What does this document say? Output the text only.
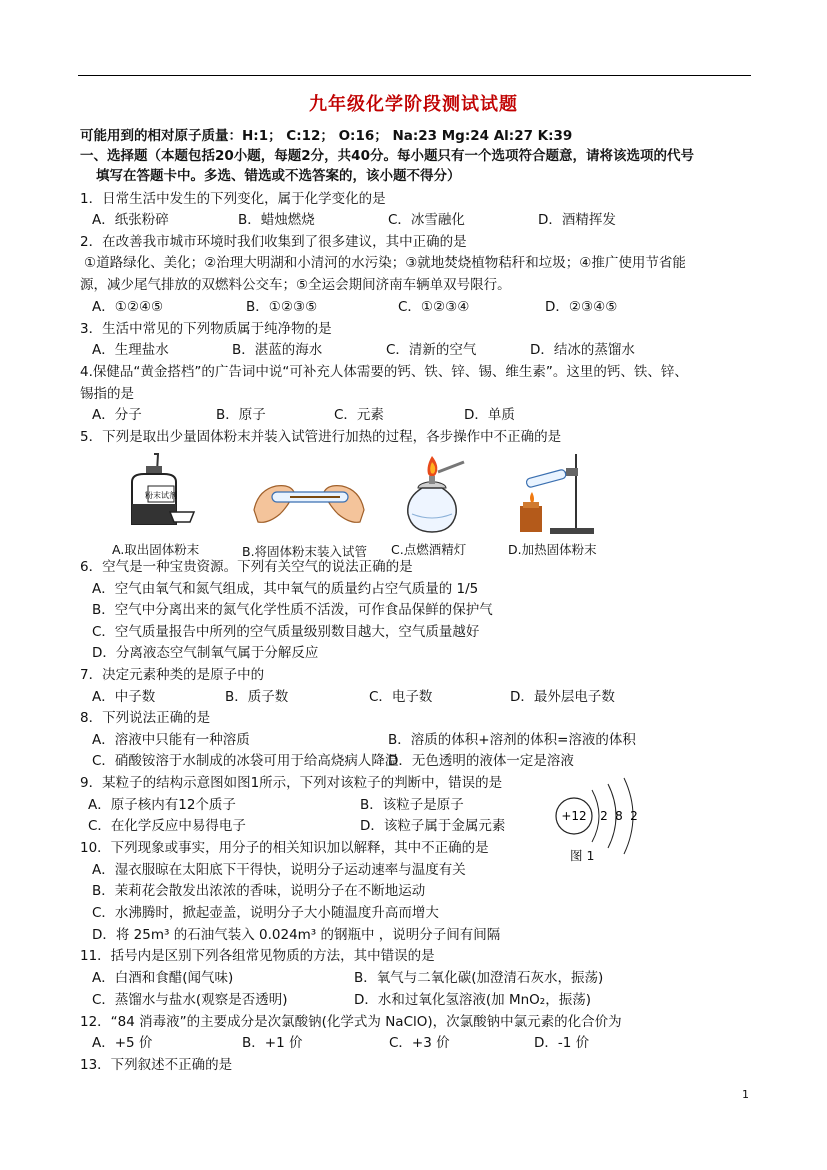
九年级化学阶段测试试题
可能用到的相对原子质量：H:1； C:12； O:16； Na:23 Mg:24 Al:27 K:39
一、选择题（本题包括20小题，每题2分，共40分。每小题只有一个选项符合题意，请将该选项的代号
填写在答题卡中。多选、错选或不选答案的，该小题不得分）
1．日常生活中发生的下列变化，属于化学变化的是
A．纸张粉碎	B．蜡烛燃烧	C．冰雪融化	D．酒精挥发
2．在改善我市城市环境时我们收集到了很多建议，其中正确的是
①道路绿化、美化；②治理大明湖和小清河的水污染；③就地焚烧植物秸秆和垃圾；④推广使用节省能
源，减少尾气排放的双燃料公交车；⑤全运会期间济南车辆单双号限行。
A．①②④⑤	B．①②③⑤	C．①②③④	D．②③④⑤
3．生活中常见的下列物质属于纯净物的是
A．生理盐水	B．湛蓝的海水	C．清新的空气	D．结冰的蒸馏水
4.保健品“黄金搭档”的广告词中说“可补充人体需要的钙、铁、锌、锡、维生素”。这里的钙、铁、锌、
锡指的是
A．分子	B．原子	C．元素	D．单质
5．下列是取出少量固体粉末并装入试管进行加热的过程，各步操作中不正确的是
粉末试剂
A.取出固体粉末	B.将固体粉末装入试管 C.点燃酒精灯	D.加热固体粉末
6．空气是一种宝贵资源。下列有关空气的说法正确的是
A．空气由氧气和氮气组成，其中氧气的质量约占空气质量的 1/5
B．空气中分离出来的氮气化学性质不活泼，可作食品保鲜的保护气
C．空气质量报告中所列的空气质量级别数目越大，空气质量越好
D．分离液态空气制氧气属于分解反应
7．决定元素种类的是原子中的
A．中子数	B．质子数	C．电子数	D．最外层电子数
8．下列说法正确的是
A．溶液中只能有一种溶质	B．溶质的体积+溶剂的体积=溶液的体积
C．硝酸铵溶于水制成的冰袋可用于给高烧病人降温
D．无色透明的液体一定是溶液
9．某粒子的结构示意图如图1所示，下列对该粒子的判断中，错误的是
A．原子核内有12个质子	B．该粒子是原子
C．在化学反应中易得电子	D．该粒子属于金属元素
+12 2 8 2
图 1
10．下列现象或事实，用分子的相关知识加以解释，其中不正确的是
A．湿衣服晾在太阳底下干得快，说明分子运动速率与温度有关
B．茉莉花会散发出浓浓的香味，说明分子在不断地运动
C．水沸腾时，掀起壶盖，说明分子大小随温度升高而增大
D．将 25m³ 的石油气装入 0.024m³ 的钢瓶中 ，说明分子间有间隔
11．括号内是区别下列各组常见物质的方法，其中错误的是
A．白酒和食醋(闻气味)	B．氧气与二氧化碳(加澄清石灰水，振荡)
C．蒸馏水与盐水(观察是否透明)	D．水和过氧化氢溶液(加 MnO₂，振荡)
12．“84 消毒液”的主要成分是次氯酸钠(化学式为 NaClO)，次氯酸钠中氯元素的化合价为
A．+5 价	B．+1 价	C．+3 价	D．-1 价
13．下列叙述不正确的是
1
